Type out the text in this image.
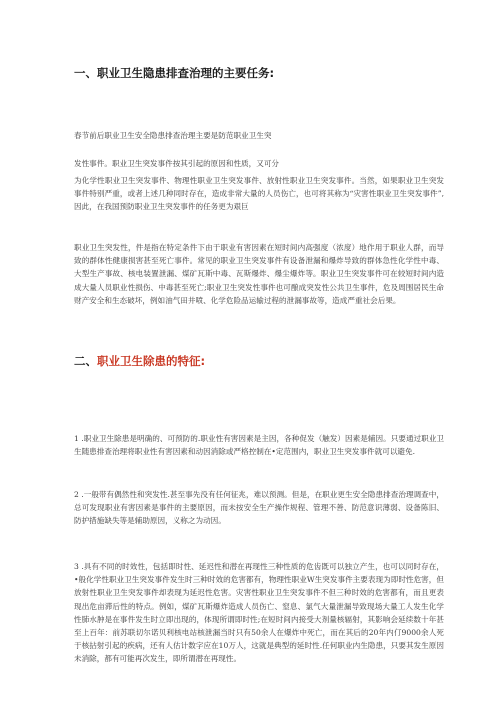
一、职业卫生隐患排查治理的主要任务:

春节前后职业卫生安全隐患排查治理主要是防范职业卫生突

发性事件。职业卫生突发事件按其引起的原因和性质，又可分

为化学性职业卫生突发事件、物理性职业卫生突发事件、放射性职业卫生突发事件。当然，如果职业卫生突发事件特别严重，或者上述几种同时存在，造成非常大量的人员伤亡，也可将其称为“灾害性职业卫生突发事件”,因此，在我国预防职业卫生突发事件的任务更为艰巨

职业卫生突发性，件是指在特定条件下由于职业有害因素在短时间内高强度（浓度）地作用于职业人群，而导致的群体性健康损害甚至死亡事件。常见的职业卫生突发事件有设备泄漏和爆炸导致的群体急性化学性中毒、大型生产事故、核电装置泄漏、煤矿瓦斯中毒、瓦斯爆炸、爆尘爆炸等。职业卫生突发事件可在较短时间内造成大量人员职业性损伤、中毒甚至死亡;职业卫生突发性事件也可酿成突发性公共卫生事件，危及周围居民生命财产安全和生态破坏，例如油气田井喷、化学危险品运输过程的泄漏事故等，造成严重社会后果。

二、职业卫生除患的特征:

1 .职业卫生除患是明确的、可预防的.职业性有害因素是主因，各种促发（触发）因素是辅因。只要通过职业卫生随患排查治理将职业性有害因素和动因消除或严格控制在•定范围内，职业卫生突发事件就可以避免.

2 .一般带有偶然性和突发性.甚至事先没有任何征兆，难以预测。但是，在职业更生安全隐患排查治理调查中，总可发现职业有害因素是事件的主要原因，而未按安全生产操作规程、管理不善、防范意识薄弱、设备陈旧、防护措施缺失等是辅助原因，义称之为动因。

3 .具有不同的时效性，包括即时性、延迟性和潜在再现性三种性质的危齿既可以独立产生，也可以同时存在，•般化学性职业卫生突发事件发生时三种时效的危害都有，物理性职业W生突发事件主要表现为即时性危害，但放射性职业卫生突发事件却表现为延迟性危害。灾害性职业卫生突发事件不但三种时效的危害都有，而且更表现出危亩滞后性的特点。例如，煤矿瓦斯爆炸造成人员伤亡、窒息、氯气大量泄漏导致现场大量工人发生化学性肺水肿是在事件发生时立即出现的，体现所谓即时性;在短时间内接受大剂量核辐射，其影响会延续数十年甚至上百年：前苏联切尔诺贝利核电站核泄漏当时只有50余人在爆炸中死亡，而在其后的20年内仃9000余人死于核拈射引起的疾病，还有人估计数字应在10万人，这就是典型的延时性.任何职业内生隐患，只要其发生原因未消除，都有可能再次发生，即所谓潜在再现性。
